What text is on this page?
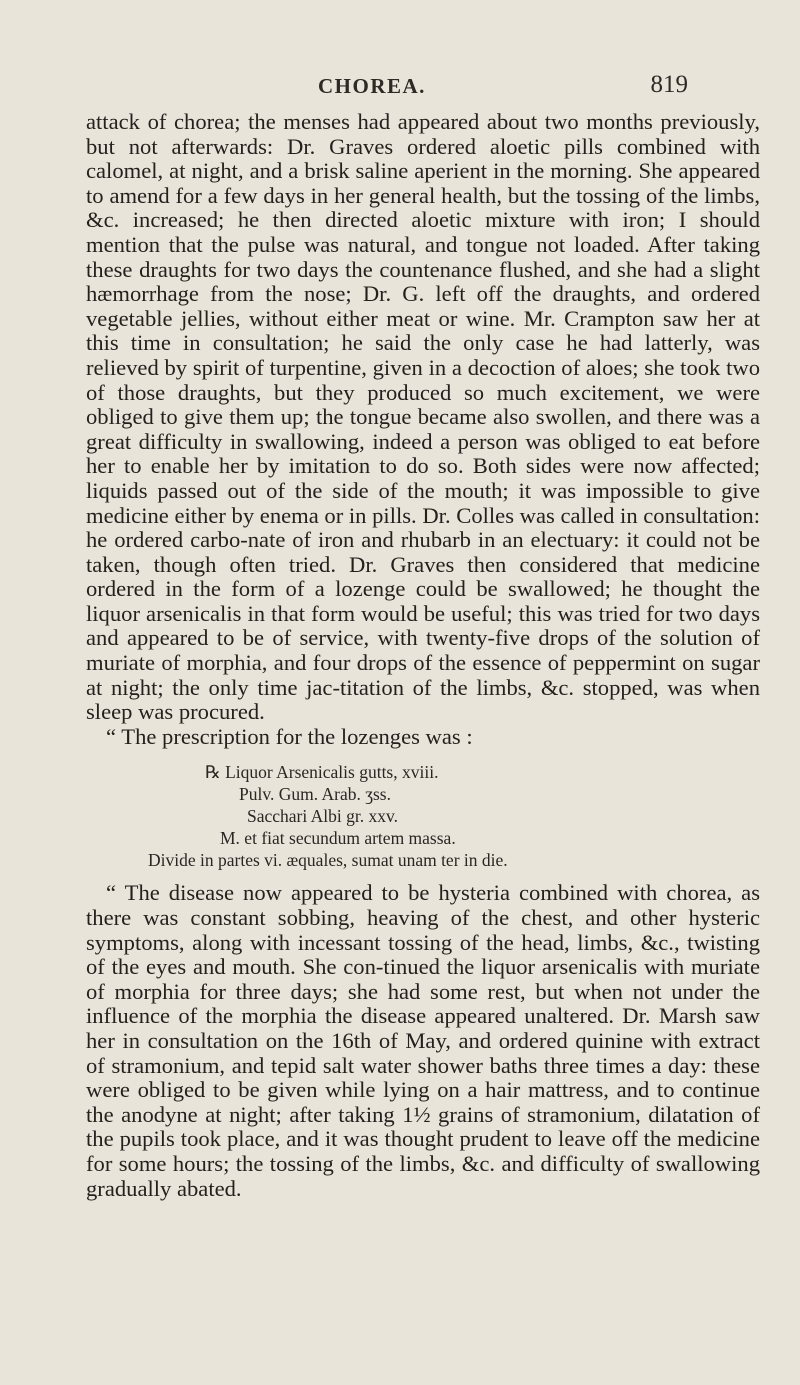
CHOREA.	819

attack of chorea; the menses had appeared about two months previously, but not afterwards: Dr. Graves ordered aloetic pills combined with calomel, at night, and a brisk saline aperient in the morning. She appeared to amend for a few days in her general health, but the tossing of the limbs, &c. increased; he then directed aloetic mixture with iron; I should mention that the pulse was natural, and tongue not loaded. After taking these draughts for two days the countenance flushed, and she had a slight hæmorrhage from the nose; Dr. G. left off the draughts, and ordered vegetable jellies, without either meat or wine. Mr. Crampton saw her at this time in consultation; he said the only case he had latterly, was relieved by spirit of turpentine, given in a decoction of aloes; she took two of those draughts, but they produced so much excitement, we were obliged to give them up; the tongue became also swollen, and there was a great difficulty in swallowing, indeed a person was obliged to eat before her to enable her by imitation to do so. Both sides were now affected; liquids passed out of the side of the mouth; it was impossible to give medicine either by enema or in pills. Dr. Colles was called in consultation: he ordered carbo-nate of iron and rhubarb in an electuary: it could not be taken, though often tried. Dr. Graves then considered that medicine ordered in the form of a lozenge could be swallowed; he thought the liquor arsenicalis in that form would be useful; this was tried for two days and appeared to be of service, with twenty-five drops of the solution of muriate of morphia, and four drops of the essence of peppermint on sugar at night; the only time jac-titation of the limbs, &c. stopped, was when sleep was procured.

“ The prescription for the lozenges was :

℞ Liquor Arsenicalis gutts, xviii.
Pulv. Gum. Arab. ʒss.
Sacchari Albi gr. xxv.
M. et fiat secundum artem massa.
Divide in partes vi. æquales, sumat unam ter in die.

“ The disease now appeared to be hysteria combined with chorea, as there was constant sobbing, heaving of the chest, and other hysteric symptoms, along with incessant tossing of the head, limbs, &c., twisting of the eyes and mouth. She con-tinued the liquor arsenicalis with muriate of morphia for three days; she had some rest, but when not under the influence of the morphia the disease appeared unaltered. Dr. Marsh saw her in consultation on the 16th of May, and ordered quinine with extract of stramonium, and tepid salt water shower baths three times a day: these were obliged to be given while lying on a hair mattress, and to continue the anodyne at night; after taking 1½ grains of stramonium, dilatation of the pupils took place, and it was thought prudent to leave off the medicine for some hours; the tossing of the limbs, &c. and difficulty of swallowing gradually abated.
